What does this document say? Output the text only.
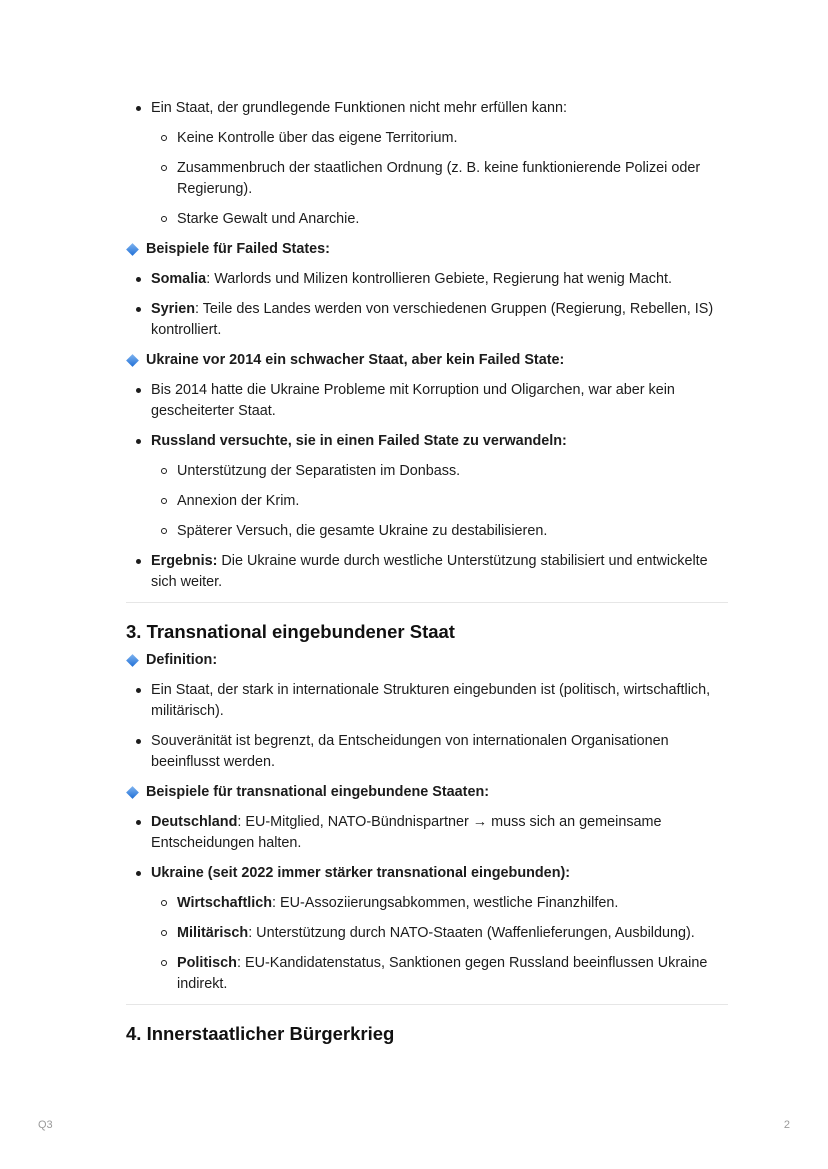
Ein Staat, der grundlegende Funktionen nicht mehr erfüllen kann:
Keine Kontrolle über das eigene Territorium.
Zusammenbruch der staatlichen Ordnung (z. B. keine funktionierende Polizei oder Regierung).
Starke Gewalt und Anarchie.
Beispiele für Failed States:
Somalia: Warlords und Milizen kontrollieren Gebiete, Regierung hat wenig Macht.
Syrien: Teile des Landes werden von verschiedenen Gruppen (Regierung, Rebellen, IS) kontrolliert.
Ukraine vor 2014 ein schwacher Staat, aber kein Failed State:
Bis 2014 hatte die Ukraine Probleme mit Korruption und Oligarchen, war aber kein gescheiterter Staat.
Russland versuchte, sie in einen Failed State zu verwandeln:
Unterstützung der Separatisten im Donbass.
Annexion der Krim.
Späterer Versuch, die gesamte Ukraine zu destabilisieren.
Ergebnis: Die Ukraine wurde durch westliche Unterstützung stabilisiert und entwickelte sich weiter.
3. Transnational eingebundener Staat
Definition:
Ein Staat, der stark in internationale Strukturen eingebunden ist (politisch, wirtschaftlich, militärisch).
Souveränität ist begrenzt, da Entscheidungen von internationalen Organisationen beeinflusst werden.
Beispiele für transnational eingebundene Staaten:
Deutschland: EU-Mitglied, NATO-Bündnispartner → muss sich an gemeinsame Entscheidungen halten.
Ukraine (seit 2022 immer stärker transnational eingebunden):
Wirtschaftlich: EU-Assoziierungsabkommen, westliche Finanzhilfen.
Militärisch: Unterstützung durch NATO-Staaten (Waffenlieferungen, Ausbildung).
Politisch: EU-Kandidatenstatus, Sanktionen gegen Russland beeinflussen Ukraine indirekt.
4. Innerstaatlicher Bürgerkrieg
Q3	2
